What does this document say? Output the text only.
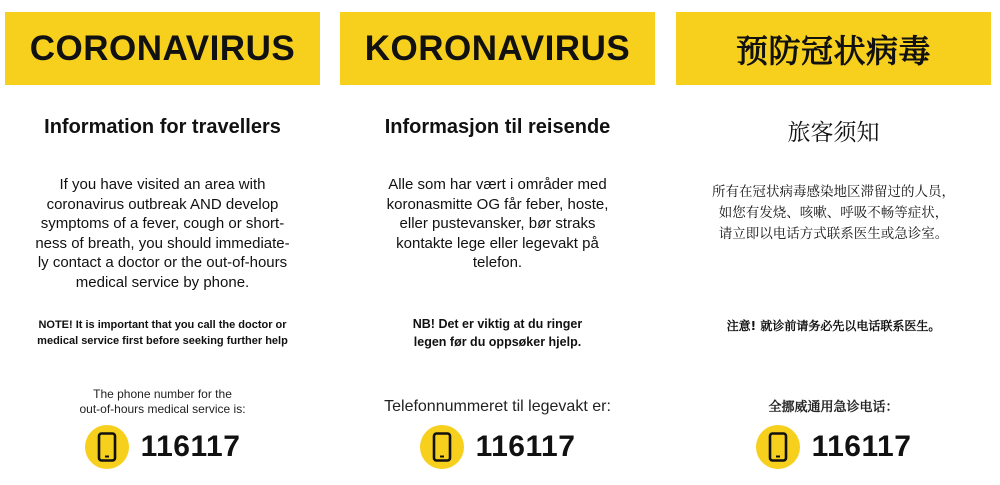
CORONAVIRUS
Information for travellers
If you have visited an area with
coronavirus outbreak AND develop
symptoms of a fever, cough or short-
ness of breath, you should immediate-
ly contact a doctor or the out-of-hours
medical service by phone.
NOTE! It is important that you call the doctor or
medical service first before seeking further help
The phone number for the
out-of-hours medical service is:
116117
KORONAVIRUS
Informasjon til reisende
Alle som har vært i områder med
koronasmitte OG får feber, hoste,
eller pustevansker, bør straks
kontakte lege eller legevakt på
telefon.
NB! Det er viktig at du ringer
legen før du oppsøker hjelp.
Telefonnummeret til legevakt er:
116117
预防冠状病毒
旅客须知
所有在冠状病毒感染地区滞留过的人员，
如您有发烧、咳嗽、呼吸不畅等症状，
请立即以电话方式联系医生或急诊室。
注意! 就诊前请务必先以电话联系医生。
全挪威通用急诊电话：
116117
